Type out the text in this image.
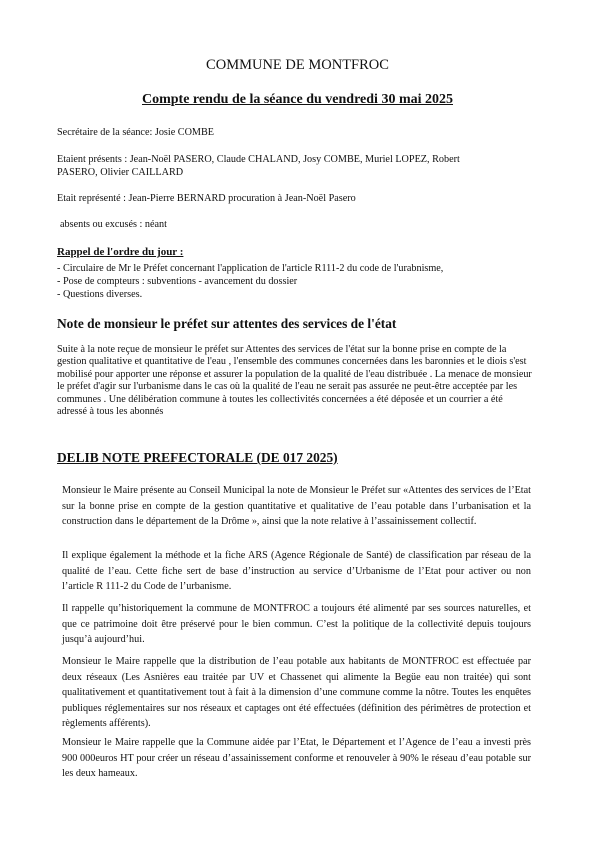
COMMUNE DE MONTFROC
Compte rendu de la séance du vendredi 30 mai 2025
Secrétaire de la séance: Josie COMBE
Etaient présents : Jean-Noël PASERO, Claude CHALAND, Josy COMBE, Muriel LOPEZ, Robert
PASERO, Olivier CAILLARD
Etait représenté : Jean-Pierre BERNARD procuration à Jean-Noël Pasero
absents ou excusés : néant
Rappel de l'ordre du jour :
- Circulaire de Mr le Préfet concernant l'application de l'article R111-2 du code de l'urabnisme,
- Pose de compteurs : subventions - avancement du dossier
- Questions diverses.
Note de monsieur le préfet sur attentes des services de l'état
Suite à la note reçue de monsieur le préfet sur Attentes des services de l'état sur la bonne prise en compte de la gestion qualitative et quantitative de l'eau , l'ensemble des communes concernées dans les baronnies et le diois s'est mobilisé pour apporter une réponse et assurer la population de la qualité de l'eau distribuée . La menace de monsieur le préfet d'agir sur l'urbanisme dans le cas où la qualité de l'eau ne serait pas assurée ne peut-être acceptée par les communes . Une délibération commune à toutes les collectivités concernées a été déposée et un courrier a été adressé à tous les abonnés
DELIB NOTE PREFECTORALE (DE 017 2025)
Monsieur le Maire présente au Conseil Municipal la note de Monsieur le Préfet sur «Attentes des services de l’Etat sur la bonne prise en compte de la gestion quantitative et qualitative de l’eau potable dans l’urbanisation et la construction dans le département de la Drôme », ainsi que la note relative à l’assainissement collectif.
Il explique également la méthode et la fiche ARS (Agence Régionale de Santé) de classification par réseau de la qualité de l’eau. Cette fiche sert de base d’instruction au service d’Urbanisme de l’Etat pour activer ou non l’article R 111-2 du Code de l’urbanisme.
Il rappelle qu’historiquement la commune de MONTFROC a toujours été alimenté par ses sources naturelles, et que ce patrimoine doit être préservé pour le bien commun. C’est la politique de la collectivité depuis toujours jusqu’à aujourd’hui.
Monsieur le Maire rappelle que la distribution de l’eau potable aux habitants de MONTFROC est effectuée par deux réseaux (Les Asnières eau traitée par UV et Chassenet qui alimente la Begüe eau non traitée) qui sont qualitativement et quantitativement tout à fait à la dimension d’une commune comme la nôtre. Toutes les enquêtes publiques réglementaires sur nos réseaux et captages ont été effectuées (définition des périmètres de protection et règlements afférents).
Monsieur le Maire rappelle que la Commune aidée par l’Etat, le Département et l’Agence de l’eau a investi près 900 000euros HT pour créer un réseau d’assainissement conforme et renouveler à 90% le réseau d’eau potable sur les deux hameaux.
